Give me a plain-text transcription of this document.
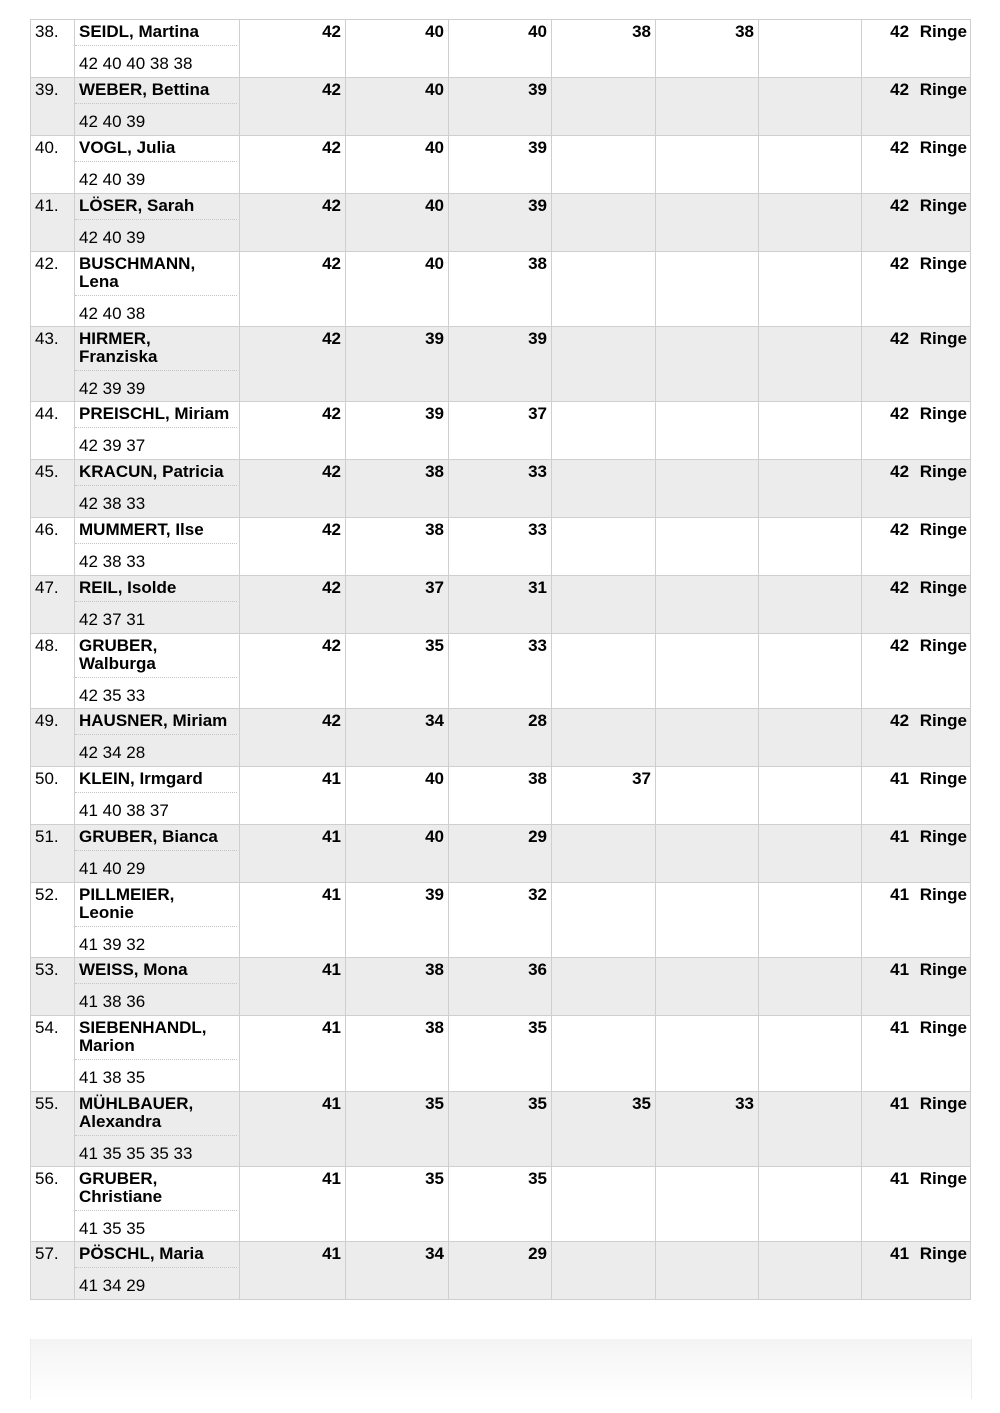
38.	SEIDL, Martina
42 40 40 38 38	42	40	40	38	38		42 Ringe
39.	WEBER, Bettina
42 40 39	42	40	39				42 Ringe
40.	VOGL, Julia
42 40 39	42	40	39				42 Ringe
41.	LÖSER, Sarah
42 40 39	42	40	39				42 Ringe
42.	BUSCHMANN, Lena
42 40 38	42	40	38				42 Ringe
43.	HIRMER, Franziska
42 39 39	42	39	39				42 Ringe
44.	PREISCHL, Miriam
42 39 37	42	39	37				42 Ringe
45.	KRACUN, Patricia
42 38 33	42	38	33				42 Ringe
46.	MUMMERT, Ilse
42 38 33	42	38	33				42 Ringe
47.	REIL, Isolde
42 37 31	42	37	31				42 Ringe
48.	GRUBER, Walburga
42 35 33	42	35	33				42 Ringe
49.	HAUSNER, Miriam
42 34 28	42	34	28				42 Ringe
50.	KLEIN, Irmgard
41 40 38 37	41	40	38	37			41 Ringe
51.	GRUBER, Bianca
41 40 29	41	40	29				41 Ringe
52.	PILLMEIER, Leonie
41 39 32	41	39	32				41 Ringe
53.	WEISS, Mona
41 38 36	41	38	36				41 Ringe
54.	SIEBENHANDL, Marion
41 38 35	41	38	35				41 Ringe
55.	MÜHLBAUER, Alexandra
41 35 35 35 33	41	35	35	35	33		41 Ringe
56.	GRUBER, Christiane
41 35 35	41	35	35				41 Ringe
57.	PÖSCHL, Maria
41 34 29	41	34	29				41 Ringe
